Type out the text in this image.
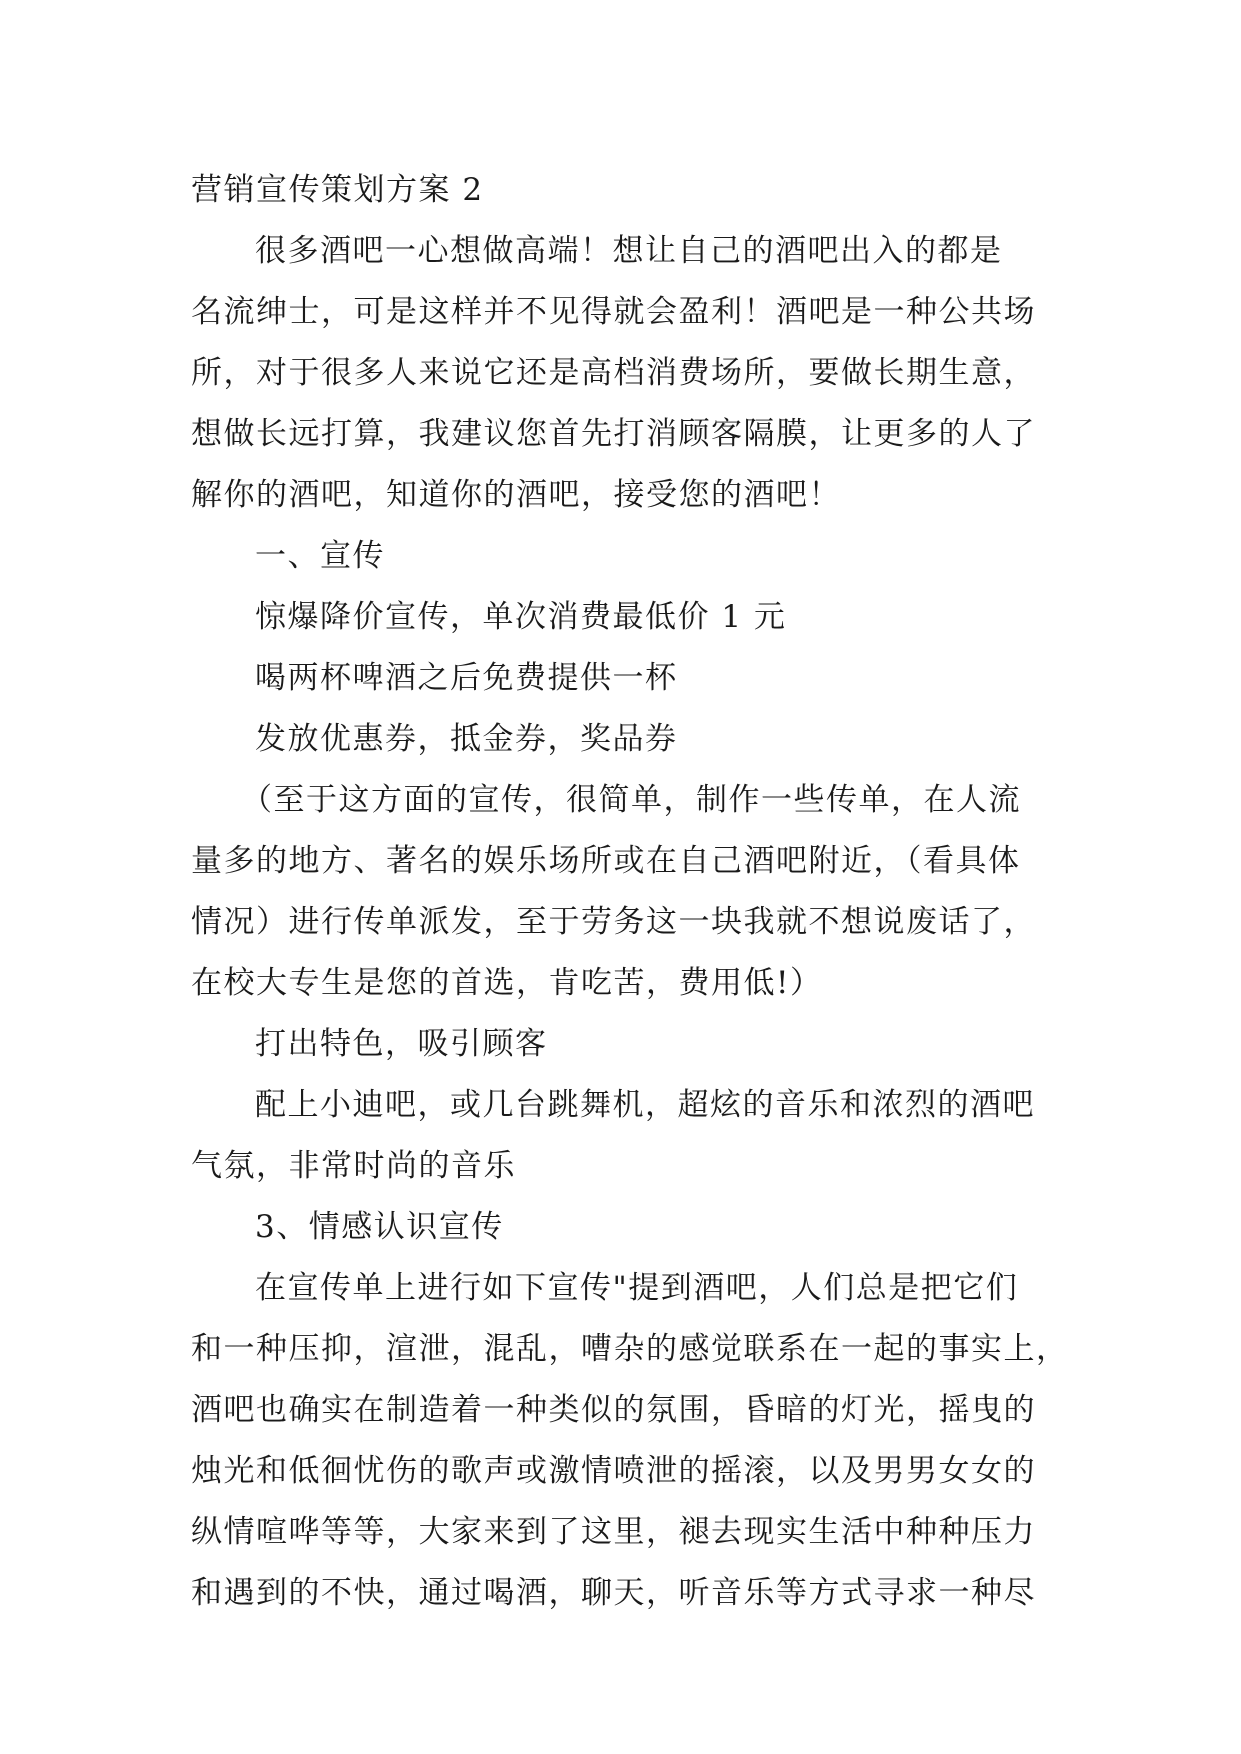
营销宣传策划方案 2
很多酒吧一心想做高端！想让自己的酒吧出入的都是
名流绅士，可是这样并不见得就会盈利！酒吧是一种公共场
所，对于很多人来说它还是高档消费场所，要做长期生意，
想做长远打算，我建议您首先打消顾客隔膜，让更多的人了
解你的酒吧，知道你的酒吧，接受您的酒吧！
一、宣传
惊爆降价宣传，单次消费最低价 1 元
喝两杯啤酒之后免费提供一杯
发放优惠券，抵金券，奖品券
（至于这方面的宣传，很简单，制作一些传单，在人流
量多的地方、著名的娱乐场所或在自己酒吧附近，（看具体
情况）进行传单派发，至于劳务这一块我就不想说废话了，
在校大专生是您的首选，肯吃苦，费用低!）
打出特色，吸引顾客
配上小迪吧，或几台跳舞机，超炫的音乐和浓烈的酒吧
气氛，非常时尚的音乐
3、情感认识宣传
在宣传单上进行如下宣传"提到酒吧，人们总是把它们
和一种压抑，渲泄，混乱，嘈杂的感觉联系在一起的事实上，
酒吧也确实在制造着一种类似的氛围，昏暗的灯光，摇曳的
烛光和低徊忧伤的歌声或激情喷泄的摇滚，以及男男女女的
纵情喧哗等等，大家来到了这里，褪去现实生活中种种压力
和遇到的不快，通过喝酒，聊天，听音乐等方式寻求一种尽
